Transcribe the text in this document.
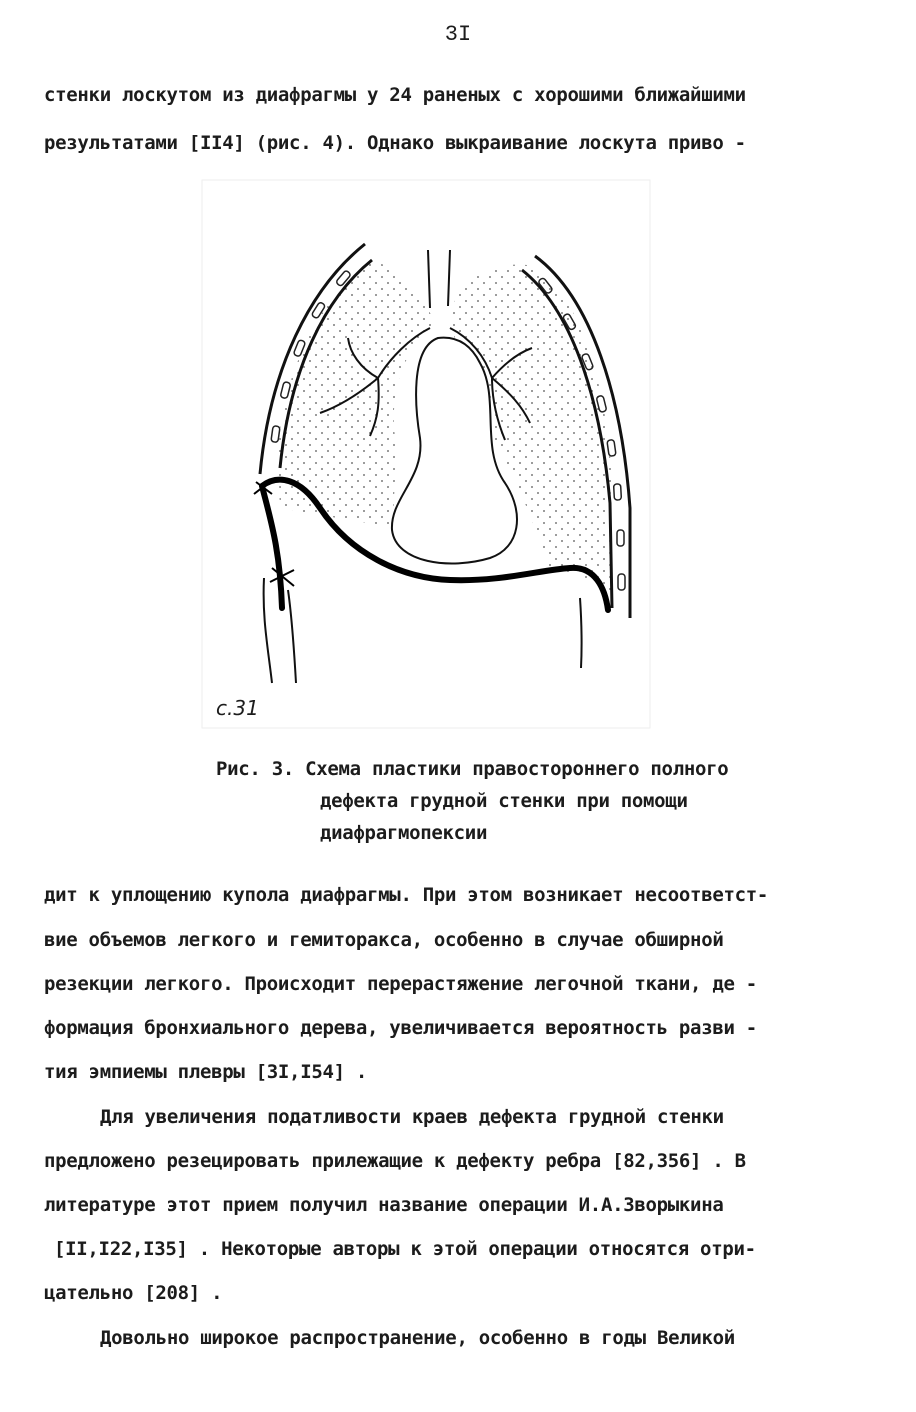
3I
стенки лоскутом из диафрагмы у 24 раненых с хорошими ближайшими
результатами [II4] (рис. 4). Однако выкраивание лоскута приво -
с.31
Рис. 3. Схема пластики правостороннего полного
дефекта грудной стенки при помощи
диафрагмопексии
дит к уплощению купола диафрагмы. При этом возникает несоответст-
вие объемов легкого и гемиторакса, особенно в случае обширной
резекции легкого. Происходит перерастяжение легочной ткани, де -
формация бронхиального дерева, увеличивается вероятность разви -
тия эмпиемы плевры [3I,I54] .
Для увеличения податливости краев дефекта грудной стенки
предложено резецировать прилежащие к дефекту ребра [82,356] . В
литературе этот прием получил название операции И.А.Зворыкина
[II,I22,I35] . Некоторые авторы к этой операции относятся отри-
цательно [208] .
Довольно широкое распространение, особенно в годы Великой
